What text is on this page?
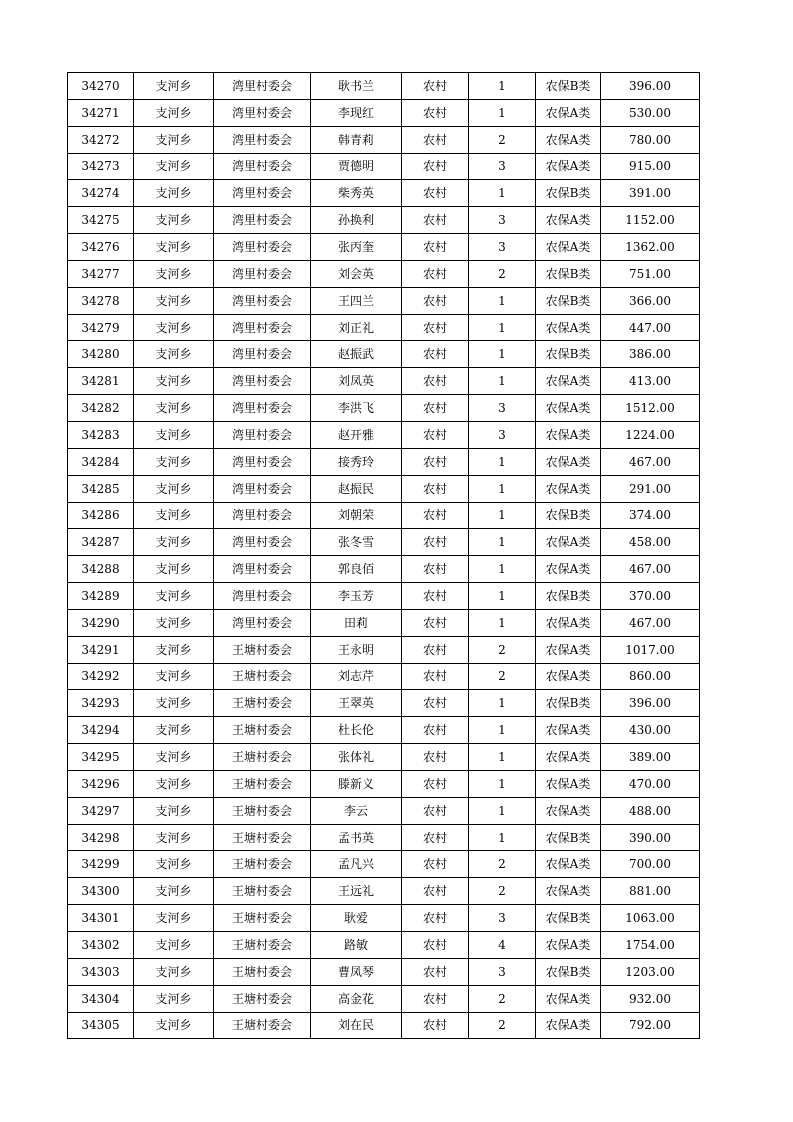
34270	支河乡	湾里村委会	耿书兰	农村	1	农保B类	396.00
34271	支河乡	湾里村委会	李现红	农村	1	农保A类	530.00
34272	支河乡	湾里村委会	韩青莉	农村	2	农保A类	780.00
34273	支河乡	湾里村委会	贾德明	农村	3	农保A类	915.00
34274	支河乡	湾里村委会	柴秀英	农村	1	农保B类	391.00
34275	支河乡	湾里村委会	孙换利	农村	3	农保A类	1152.00
34276	支河乡	湾里村委会	张丙奎	农村	3	农保A类	1362.00
34277	支河乡	湾里村委会	刘会英	农村	2	农保B类	751.00
34278	支河乡	湾里村委会	王四兰	农村	1	农保B类	366.00
34279	支河乡	湾里村委会	刘正礼	农村	1	农保A类	447.00
34280	支河乡	湾里村委会	赵振武	农村	1	农保B类	386.00
34281	支河乡	湾里村委会	刘凤英	农村	1	农保A类	413.00
34282	支河乡	湾里村委会	李洪飞	农村	3	农保A类	1512.00
34283	支河乡	湾里村委会	赵开雅	农村	3	农保A类	1224.00
34284	支河乡	湾里村委会	接秀玲	农村	1	农保A类	467.00
34285	支河乡	湾里村委会	赵振民	农村	1	农保A类	291.00
34286	支河乡	湾里村委会	刘朝荣	农村	1	农保B类	374.00
34287	支河乡	湾里村委会	张冬雪	农村	1	农保A类	458.00
34288	支河乡	湾里村委会	郭良佰	农村	1	农保A类	467.00
34289	支河乡	湾里村委会	李玉芳	农村	1	农保B类	370.00
34290	支河乡	湾里村委会	田莉	农村	1	农保A类	467.00
34291	支河乡	王塘村委会	王永明	农村	2	农保A类	1017.00
34292	支河乡	王塘村委会	刘志芹	农村	2	农保A类	860.00
34293	支河乡	王塘村委会	王翠英	农村	1	农保B类	396.00
34294	支河乡	王塘村委会	杜长伦	农村	1	农保A类	430.00
34295	支河乡	王塘村委会	张体礼	农村	1	农保A类	389.00
34296	支河乡	王塘村委会	滕新义	农村	1	农保A类	470.00
34297	支河乡	王塘村委会	李云	农村	1	农保A类	488.00
34298	支河乡	王塘村委会	孟书英	农村	1	农保B类	390.00
34299	支河乡	王塘村委会	孟凡兴	农村	2	农保A类	700.00
34300	支河乡	王塘村委会	王远礼	农村	2	农保A类	881.00
34301	支河乡	王塘村委会	耿爱	农村	3	农保B类	1063.00
34302	支河乡	王塘村委会	路敏	农村	4	农保A类	1754.00
34303	支河乡	王塘村委会	曹凤琴	农村	3	农保B类	1203.00
34304	支河乡	王塘村委会	高金花	农村	2	农保A类	932.00
34305	支河乡	王塘村委会	刘在民	农村	2	农保A类	792.00
